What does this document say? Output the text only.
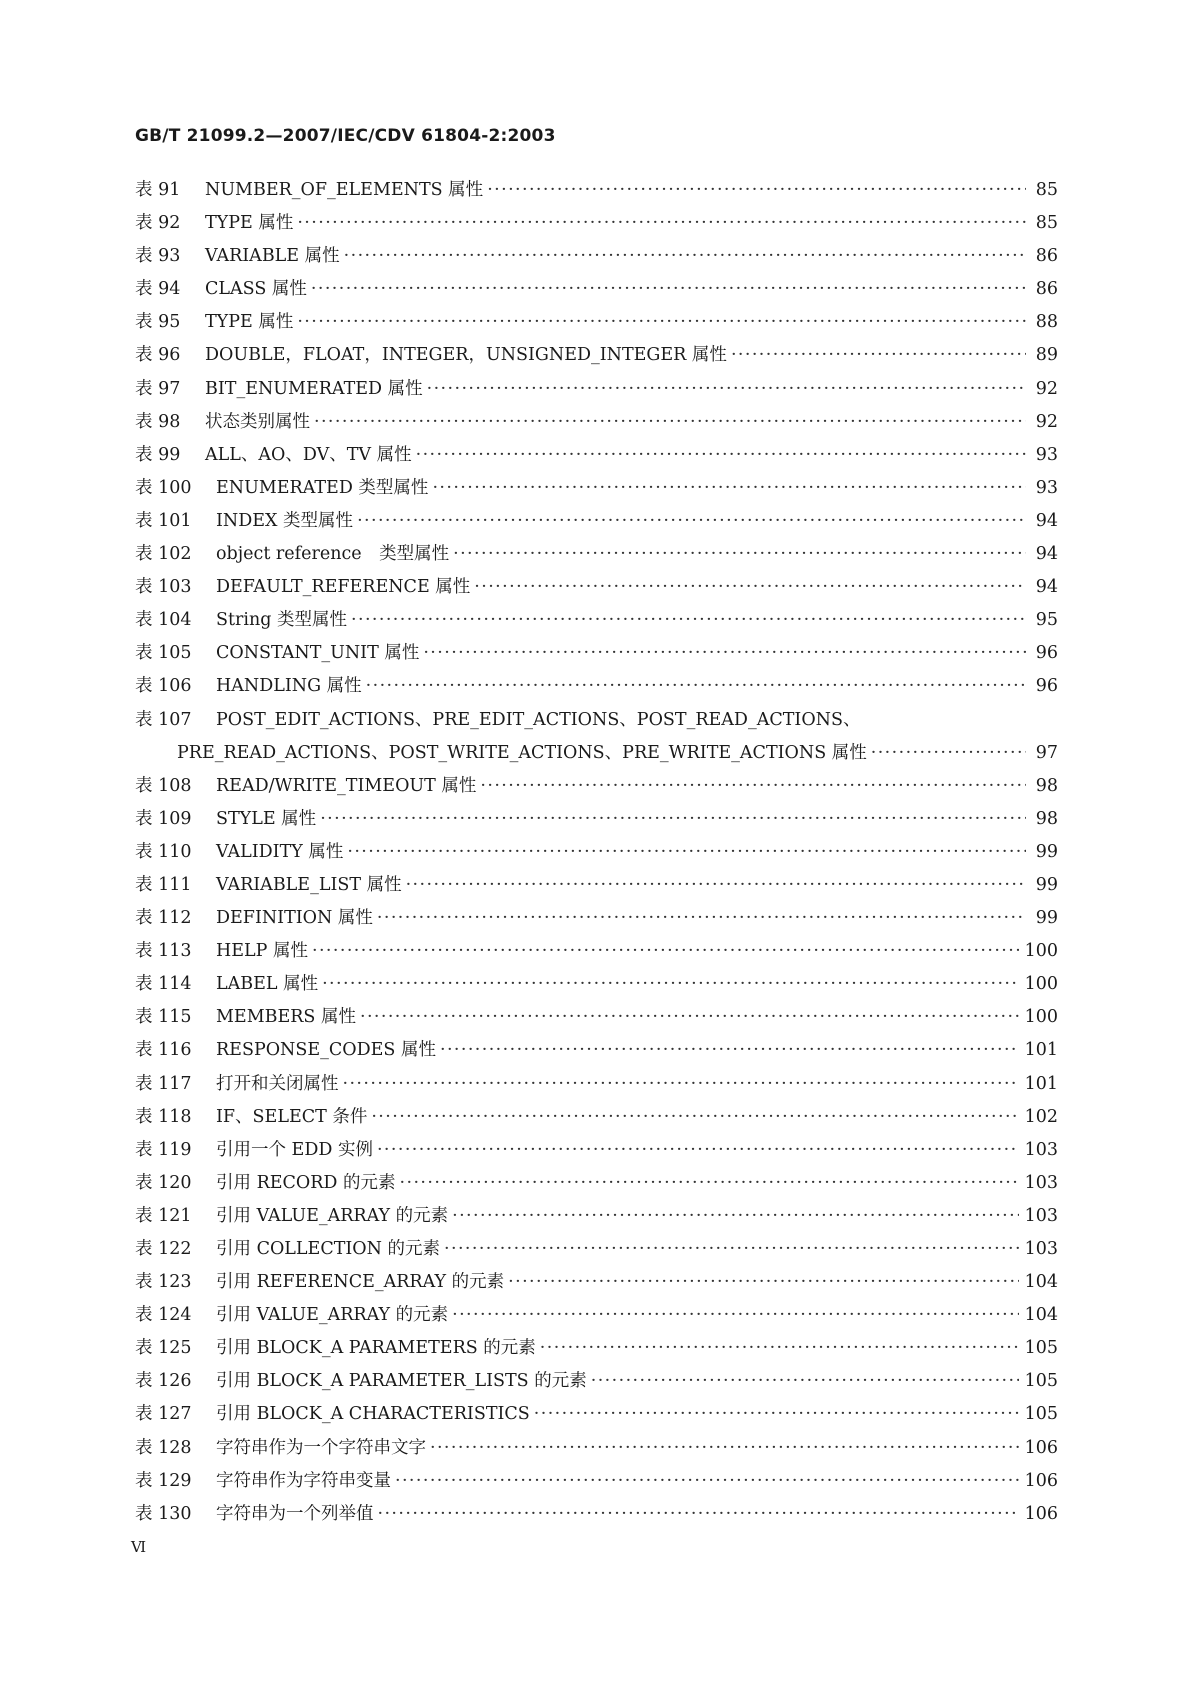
GB/T 21099.2—2007/IEC/CDV 61804-2:2003
表 91	NUMBER_OF_ELEMENTS 属性 ·····	85
表 92	TYPE 属性 ·····	85
表 93	VARIABLE 属性 ·····	86
表 94	CLASS 属性 ·····	86
表 95	TYPE 属性 ·····	88
表 96	DOUBLE，FLOAT，INTEGER，UNSIGNED_INTEGER 属性 ·····	89
表 97	BIT_ENUMERATED 属性 ·····	92
表 98	状态类别属性 ·····	92
表 99	ALL、AO、DV、TV 属性 ·····	93
表 100	ENUMERATED 类型属性 ·····	93
表 101	INDEX 类型属性 ·····	94
表 102	object reference　类型属性 ·····	94
表 103	DEFAULT_REFERENCE 属性 ·····	94
表 104	String 类型属性 ·····	95
表 105	CONSTANT_UNIT 属性 ·····	96
表 106	HANDLING 属性 ·····	96
表 107	POST_EDIT_ACTIONS、PRE_EDIT_ACTIONS、POST_READ_ACTIONS、
PRE_READ_ACTIONS、POST_WRITE_ACTIONS、PRE_WRITE_ACTIONS 属性 ·····	97
表 108	READ/WRITE_TIMEOUT 属性 ·····	98
表 109	STYLE 属性 ·····	98
表 110	VALIDITY 属性 ·····	99
表 111	VARIABLE_LIST 属性 ·····	99
表 112	DEFINITION 属性 ·····	99
表 113	HELP 属性 ·····	100
表 114	LABEL 属性 ·····	100
表 115	MEMBERS 属性 ·····	100
表 116	RESPONSE_CODES 属性 ·····	101
表 117	打开和关闭属性 ·····	101
表 118	IF、SELECT 条件 ·····	102
表 119	引用一个 EDD 实例 ·····	103
表 120	引用 RECORD 的元素 ·····	103
表 121	引用 VALUE_ARRAY 的元素 ·····	103
表 122	引用 COLLECTION 的元素 ·····	103
表 123	引用 REFERENCE_ARRAY 的元素 ·····	104
表 124	引用 VALUE_ARRAY 的元素 ·····	104
表 125	引用 BLOCK_A PARAMETERS 的元素 ·····	105
表 126	引用 BLOCK_A PARAMETER_LISTS 的元素 ·····	105
表 127	引用 BLOCK_A CHARACTERISTICS ·····	105
表 128	字符串作为一个字符串文字 ·····	106
表 129	字符串作为字符串变量 ·····	106
表 130	字符串为一个列举值 ·····	106
Ⅵ
